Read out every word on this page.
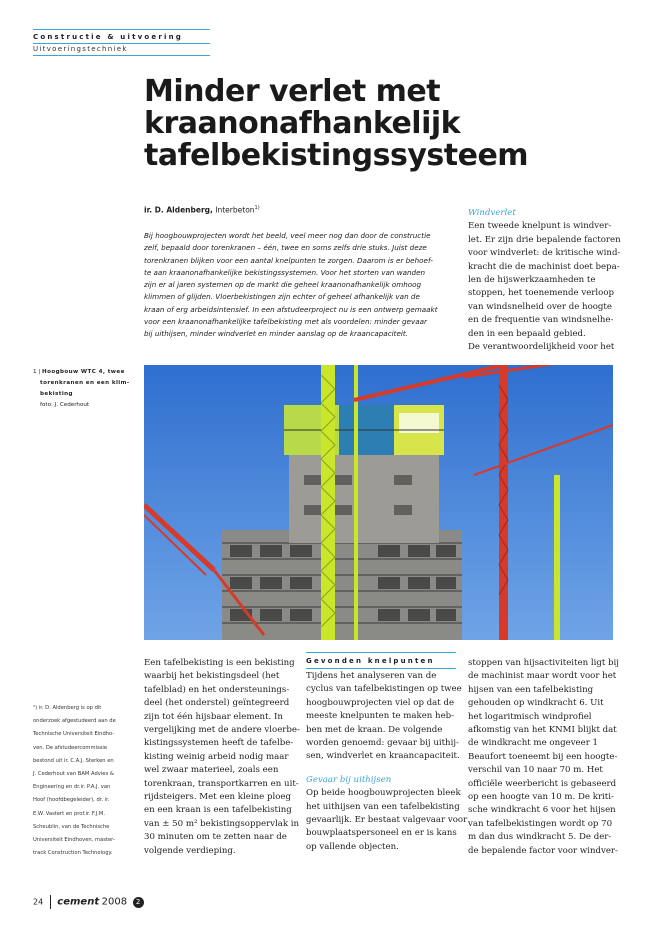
Constructie & uitvoering
Uitvoeringstechniek
Minder verlet met
kraanonafhankelijk
tafelbekistingssysteem
ir. D. Aldenberg, Interbeton$^{1)}$
Bij hoogbouwprojecten wordt het beeld, veel meer nog dan door de constructie
zelf, bepaald door torenkranen – één, twee en soms zelfs drie stuks. Juist deze
torenkranen blijken voor een aantal knelpunten te zorgen. Daarom is er behoef-
te aan kraanonafhankelijke bekistingssystemen. Voor het storten van wanden
zijn er al jaren systemen op de markt die geheel kraanonafhankelijk omhoog
klimmen of glijden. Vloerbekistingen zijn echter of geheel afhankelijk van de
kraan of erg arbeidsintensief. In een afstudeerproject nu is een ontwerp gemaakt
voor een kraanonafhankelijke tafelbekisting met als voordelen: minder gevaar
bij uithijsen, minder windverlet en minder aanslag op de kraancapaciteit.
Windverlet
Een tweede knelpunt is windver-
let. Er zijn drie bepalende factoren
voor windverlet: de kritische wind-
kracht die de machinist doet bepa-
len de hijswerkzaamheden te
stoppen, het toenemende verloop
van windsnelheid over de hoogte
en de frequentie van windsnelhe-
den in een bepaald gebied.
De verantwoordelijkheid voor het
1 | Hoogbouw WTC 4, twee
torenkranen en een klim-
bekisting
foto: J. Cederhout
¹) ir. D. Aldenberg is op dit
onderzoek afgestudeerd aan de
Technische Universiteit Eindho-
ven. De afstudeercommissie
bestond uit ir. C.A.J. Sterken en
J. Cederhout van BAM Advies &
Engineering en dr.ir. P.A.J. van
Hoof (hoofdbegeleider), dr. ir.
E.W. Vastert en prof.ir. F.J.M.
Scheublin, van de Technische
Universiteit Eindhoven, master-
track Construction Technology.
Een tafelbekisting is een bekisting
waarbij het bekistingsdeel (het
tafelblad) en het ondersteunings-
deel (het onderstel) geïntegreerd
zijn tot één hijsbaar element. In
vergelijking met de andere vloerbe-
kistingssystemen heeft de tafelbe-
kisting weinig arbeid nodig maar
wel zwaar materieel, zoals een
torenkraan, transportkarren en uit-
rijdsteigers. Met een kleine ploeg
en een kraan is een tafelbekisting
van ± 50 m² bekistingsoppervlak in
30 minuten om te zetten naar de
volgende verdieping.
Gevonden knelpunten
Tijdens het analyseren van de
cyclus van tafelbekistingen op twee
hoogbouwprojecten viel op dat de
meeste knelpunten te maken heb-
ben met de kraan. De volgende
worden genoemd: gevaar bij uithij-
sen, windverlet en kraancapaciteit.
Gevaar bij uithijsen
Op beide hoogbouwprojecten bleek
het uithijsen van een tafelbekisting
gevaarlijk. Er bestaat valgevaar voor
bouwplaatspersoneel en er is kans
op vallende objecten.
stoppen van hijsactiviteiten ligt bij
de machinist maar wordt voor het
hijsen van een tafelbekisting
gehouden op windkracht 6. Uit
het logaritmisch windprofiel
afkomstig van het KNMI blijkt dat
de windkracht me ongeveer 1
Beaufort toeneemt bij een hoogte-
verschil van 10 naar 70 m. Het
officiële weerbericht is gebaseerd
op een hoogte van 10 m. De kriti-
sche windkracht 6 voor het hijsen
van tafelbekistingen wordt op 70
m dan dus windkracht 5. De der-
de bepalende factor voor windver-
24 cement 2008 2
